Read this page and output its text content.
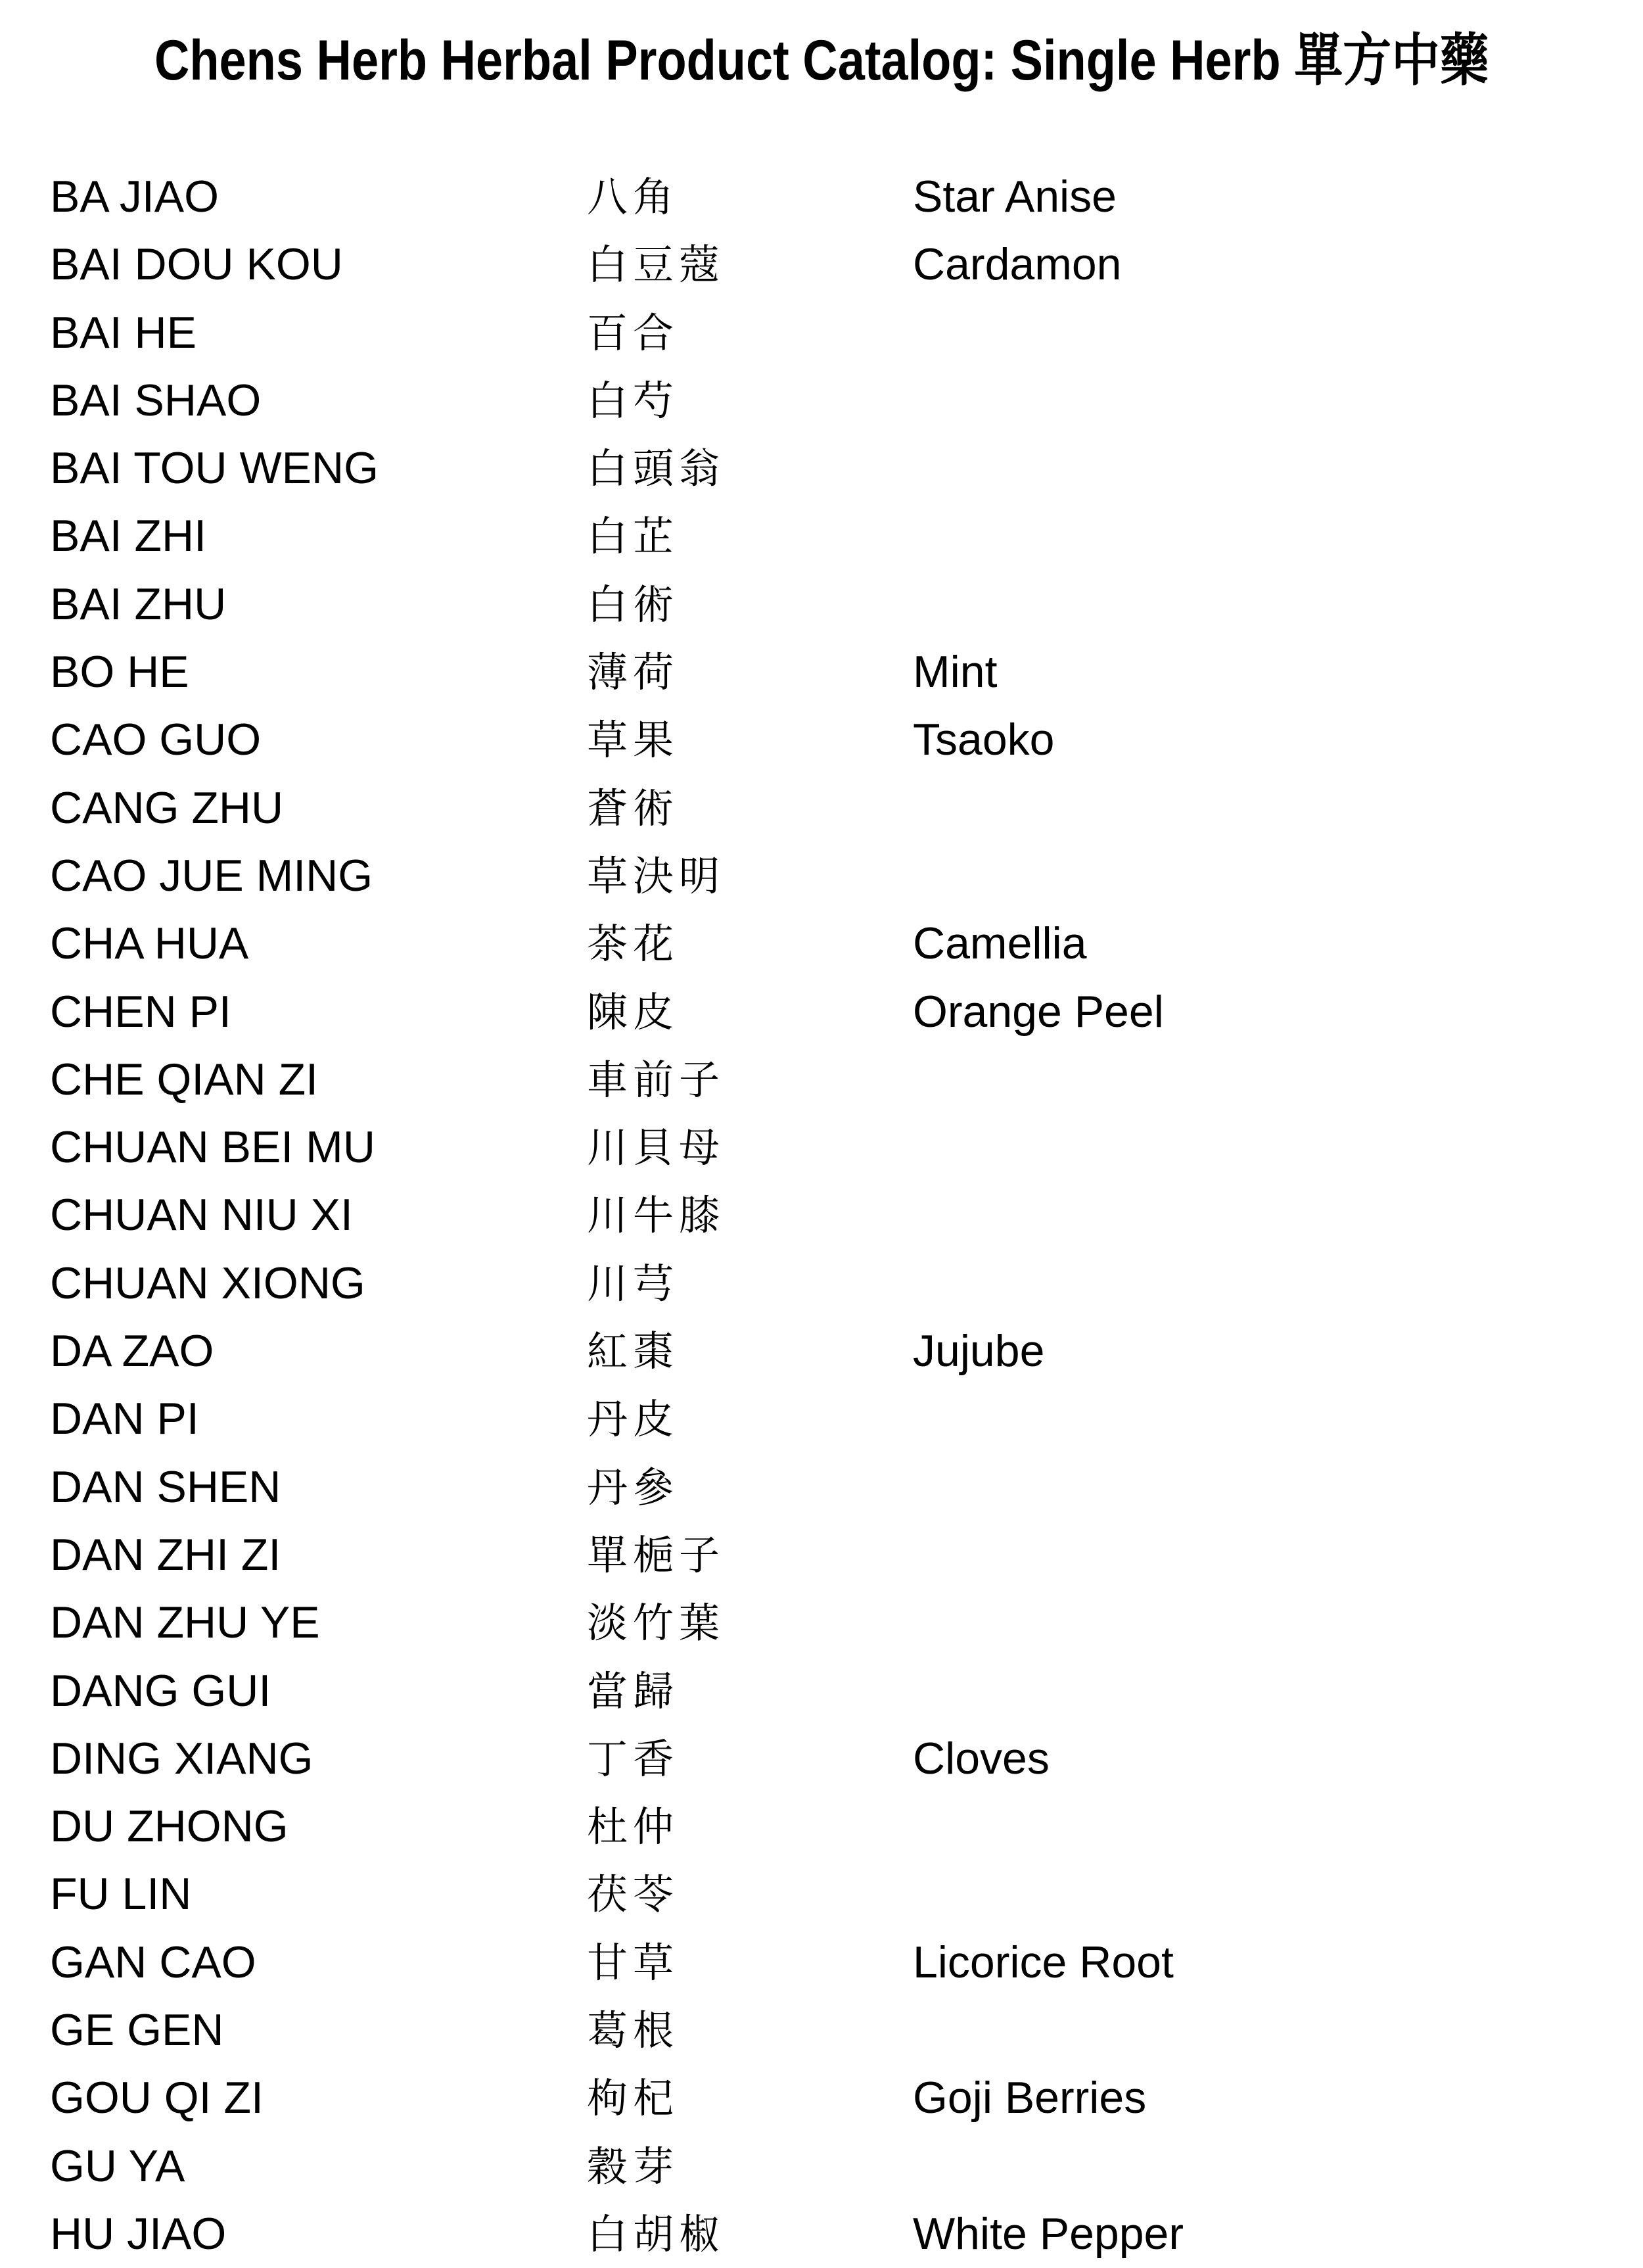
Chens Herb Herbal Product Catalog: Single Herb 單方中藥
BA JIAO	八角	Star Anise
BAI DOU KOU	白豆蔻	Cardamon
BAI HE	百合
BAI SHAO	白芍
BAI TOU WENG	白頭翁
BAI ZHI	白芷
BAI ZHU	白術
BO HE	薄荷	Mint
CAO GUO	草果	Tsaoko
CANG ZHU	蒼術
CAO JUE MING	草決明
CHA HUA	茶花	Camellia
CHEN PI	陳皮	Orange Peel
CHE QIAN ZI	車前子
CHUAN BEI MU	川貝母
CHUAN NIU XI	川牛膝
CHUAN XIONG	川芎
DA ZAO	紅棗	Jujube
DAN PI	丹皮
DAN SHEN	丹參
DAN ZHI ZI	單梔子
DAN ZHU YE	淡竹葉
DANG GUI	當歸
DING XIANG	丁香	Cloves
DU ZHONG	杜仲
FU LIN	茯苓
GAN CAO	甘草	Licorice Root
GE GEN	葛根
GOU QI ZI	枸杞	Goji Berries
GU YA	穀芽
HU JIAO	白胡椒	White Pepper
